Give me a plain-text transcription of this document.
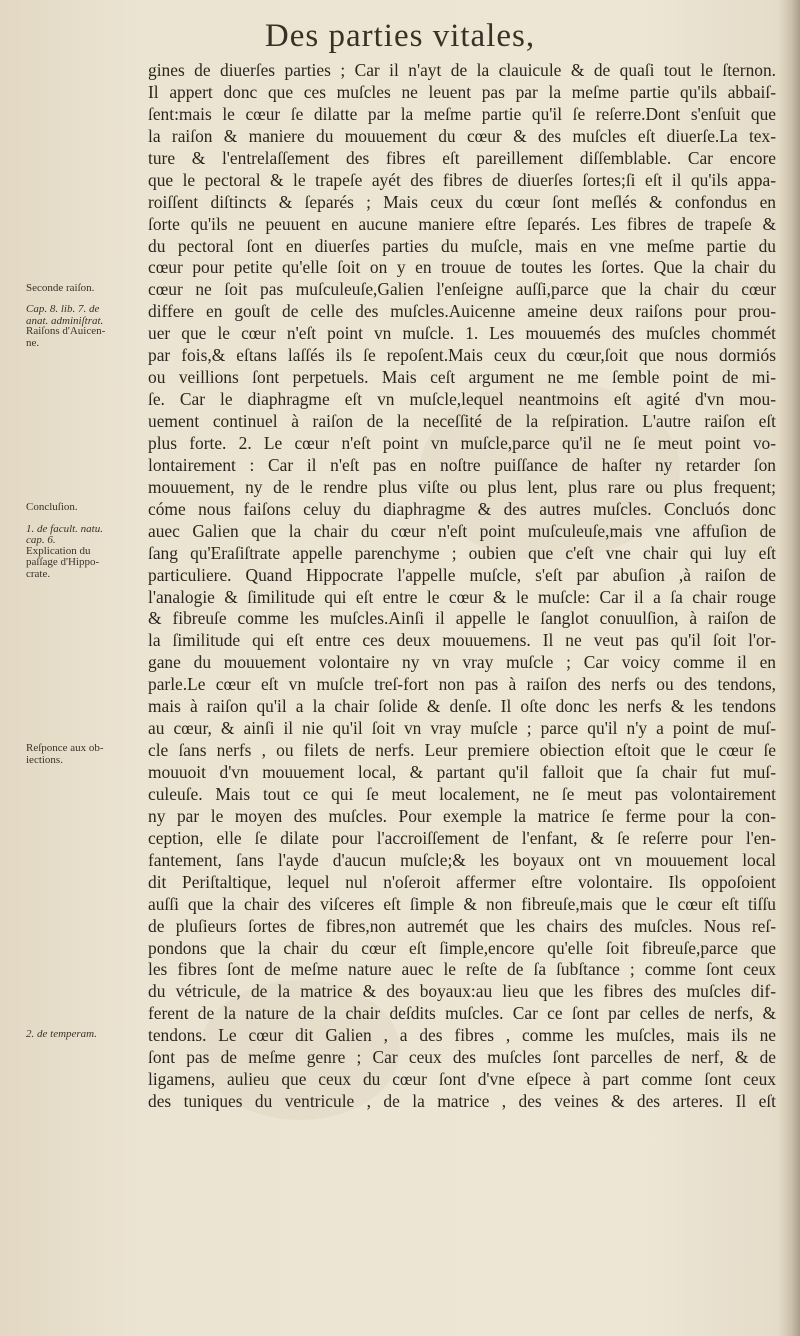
Des parties vitales,
Seconde raiſon.
Cap. 8. lib. 7. de
anat. adminiſtrat.
Raiſons d'Auicen-
ne.
Concluſion.
1. de facult. natu.
cap. 6.
Explication du
paſſage d'Hippo-
crate.
Reſponce aux ob-
iections.
2. de temperam.
gines de diuerſes parties ; Car il n'ayt de la clauicule & de quaſi tout le ſternon.
Il appert donc que ces muſcles ne leuent pas par la meſme partie qu'ils abbaiſ-
ſent:mais le cœur ſe dilatte par la meſme partie qu'il ſe reſerre.Dont s'enſuit que
la raiſon & maniere du mouuement du cœur & des muſcles eſt diuerſe.La tex-
ture & l'entrelaſſement des fibres eſt pareillement diſſemblable. Car encore
que le pectoral & le trapeſe ayét des fibres de diuerſes ſortes;ſi eſt il qu'ils appa-
roiſſent diſtincts & ſeparés ; Mais ceux du cœur ſont meſlés & confondus en
ſorte qu'ils ne peuuent en aucune maniere eſtre ſeparés. Les fibres de trapeſe &
du pectoral ſont en diuerſes parties du muſcle, mais en vne meſme partie du
cœur pour petite qu'elle ſoit on y en trouue de toutes les ſortes. Que la chair du
cœur ne ſoit pas muſculeuſe,Galien l'enſeigne auſſi,parce que la chair du cœur
differe en gouſt de celle des muſcles.Auicenne ameine deux raiſons pour prou-
uer que le cœur n'eſt point vn muſcle. 1. Les mouuemés des muſcles chommét
par fois,& eſtans laſſés ils ſe repoſent.Mais ceux du cœur,ſoit que nous dormiós
ou veillions ſont perpetuels. Mais ceſt argument ne me ſemble point de mi-
ſe. Car le diaphragme eſt vn muſcle,lequel neantmoins eſt agité d'vn mou-
uement continuel à raiſon de la neceſſité de la reſpiration. L'autre raiſon eſt
plus forte. 2. Le cœur n'eſt point vn muſcle,parce qu'il ne ſe meut point vo-
lontairement : Car il n'eſt pas en noſtre puiſſance de haſter ny retarder ſon
mouuement, ny de le rendre plus viſte ou plus lent, plus rare ou plus frequent;
cóme nous faiſons celuy du diaphragme & des autres muſcles. Concluós donc
auec Galien que la chair du cœur n'eſt point muſculeuſe,mais vne affuſion de
ſang qu'Eraſiſtrate appelle parenchyme ; oubien que c'eſt vne chair qui luy eſt
particuliere. Quand Hippocrate l'appelle muſcle, s'eſt par abuſion ,à raiſon de
l'analogie & ſimilitude qui eſt entre le cœur & le muſcle: Car il a ſa chair rouge
& fibreuſe comme les muſcles.Ainſi il appelle le ſanglot conuulſion, à raiſon de
la ſimilitude qui eſt entre ces deux mouuemens. Il ne veut pas qu'il ſoit l'or-
gane du mouuement volontaire ny vn vray muſcle ; Car voicy comme il en
parle.Le cœur eſt vn muſcle treſ-fort non pas à raiſon des nerfs ou des tendons,
mais à raiſon qu'il a la chair ſolide & denſe. Il oſte donc les nerfs & les tendons
au cœur, & ainſi il nie qu'il ſoit vn vray muſcle ; parce qu'il n'y a point de muſ-
cle ſans nerfs , ou filets de nerfs. Leur premiere obiection eſtoit que le cœur ſe
mouuoit d'vn mouuement local, & partant qu'il falloit que ſa chair fut muſ-
culeuſe. Mais tout ce qui ſe meut localement, ne ſe meut pas volontairement
ny par le moyen des muſcles. Pour exemple la matrice ſe ferme pour la con-
ception, elle ſe dilate pour l'accroiſſement de l'enfant, & ſe reſerre pour l'en-
fantement, ſans l'ayde d'aucun muſcle;& les boyaux ont vn mouuement local
dit Periſtaltique, lequel nul n'oſeroit affermer eſtre volontaire. Ils oppoſoient
auſſi que la chair des viſceres eſt ſimple & non fibreuſe,mais que le cœur eſt tiſſu
de pluſieurs ſortes de fibres,non autremét que les chairs des muſcles. Nous reſ-
pondons que la chair du cœur eſt ſimple,encore qu'elle ſoit fibreuſe,parce que
les fibres ſont de meſme nature auec le reſte de ſa ſubſtance ; comme ſont ceux
du vétricule, de la matrice & des boyaux:au lieu que les fibres des muſcles dif-
ferent de la nature de la chair deſdits muſcles. Car ce ſont par celles de nerfs, &
tendons. Le cœur dit Galien , a des fibres , comme les muſcles, mais ils ne
ſont pas de meſme genre ; Car ceux des muſcles ſont parcelles de nerf, & de
ligamens, aulieu que ceux du cœur ſont d'vne eſpece à part comme ſont ceux
des tuniques du ventricule , de la matrice , des veines & des arteres. Il eſt
